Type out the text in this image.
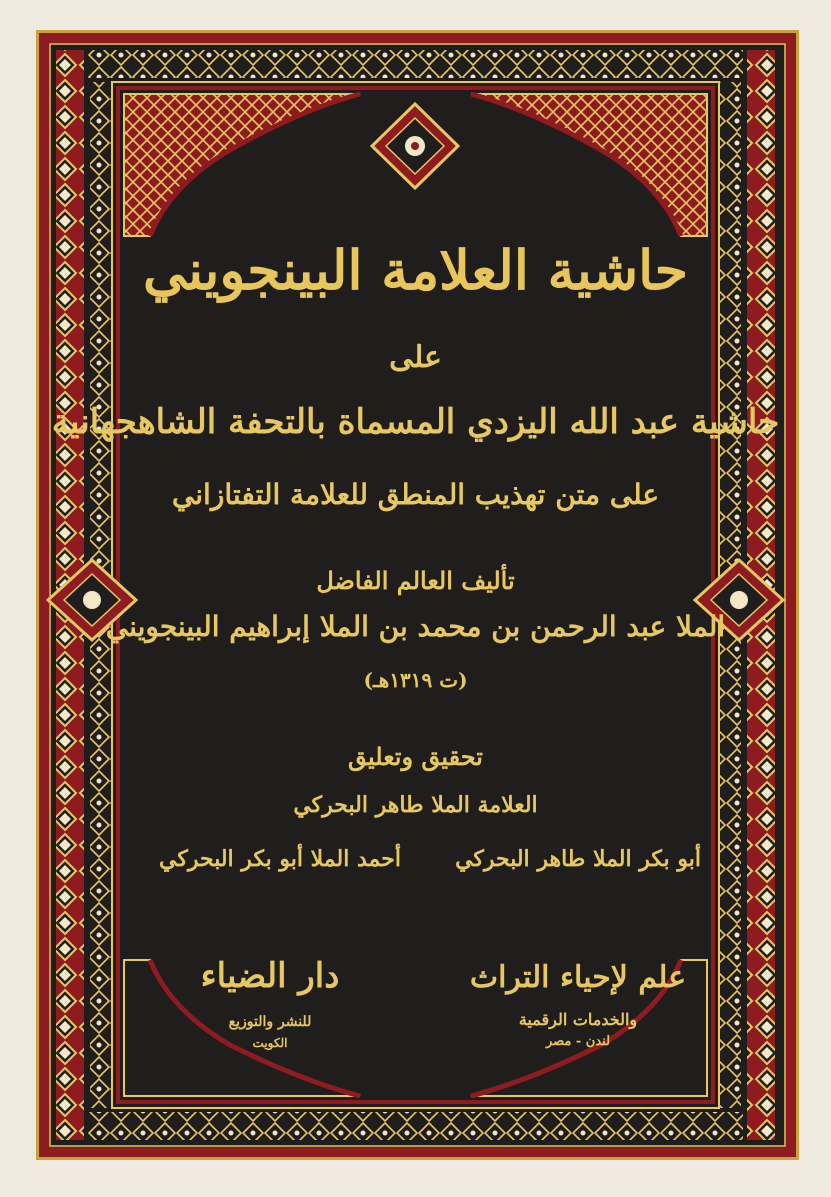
حاشية العلامة البينجويني
على
حاشية عبد الله اليزدي المسماة بالتحفة الشاهجهانية
على متن تهذيب المنطق للعلامة التفتازاني
تأليف العالم الفاضل
الملا عبد الرحمن بن محمد بن الملا إبراهيم البينجويني
(ت ١٣١٩هـ)
تحقيق وتعليق
العلامة الملا طاهر البحركي
أبو بكر الملا طاهر البحركي
أحمد الملا أبو بكر البحركي
علم لإحياء التراث
والخدمات الرقمية
لندن - مصر
دار الضياء
للنشر والتوزيع
الكويت
